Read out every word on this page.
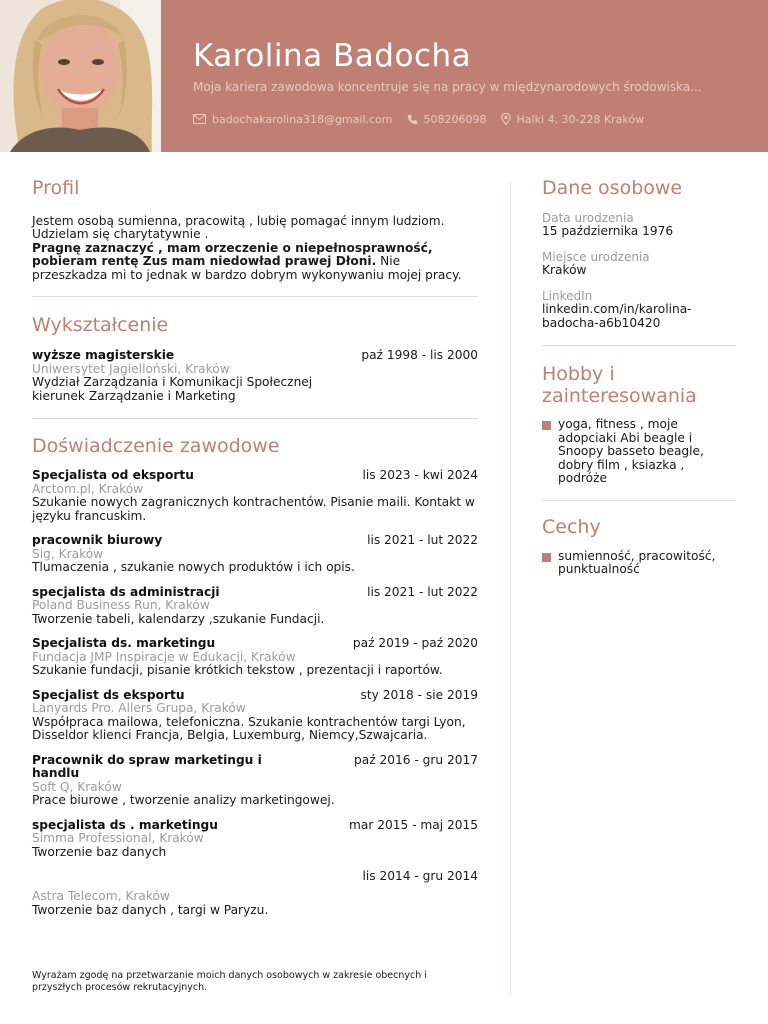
Karolina Badocha
Moja kariera zawodowa koncentruje się na pracy w międzynarodowych środowiska...
badochakarolina318@gmail.com	508206098	Halki 4, 30-228 Kraków
Profil
Jestem osobą sumienna, pracowitą , lubię pomagać innym ludziom. Udzielam się charytatywnie .
Pragnę zaznaczyć , mam orzeczenie o niepełnosprawność, pobieram rentę Zus mam niedowład prawej Dłoni. Nie przeszkadza mi to jednak w bardzo dobrym wykonywaniu mojej pracy.
Wykształcenie
wyższe magisterskie	paź 1998 - lis 2000
Uniwersytet Jagielloński, Kraków
Wydział Zarządzania i Komunikacji Społecznej
kierunek Zarządzanie i Marketing
Doświadczenie zawodowe
Specjalista od eksportu	lis 2023 - kwi 2024
Arctom.pl, Kraków
Szukanie nowych zagranicznych kontrachentów. Pisanie maili. Kontakt w języku francuskim.
pracownik biurowy	lis 2021 - lut 2022
Sig, Kraków
Tlumaczenia , szukanie nowych produktów i ich opis.
specjalista ds administracji	lis 2021 - lut 2022
Poland Business Run, Kraków
Tworzenie tabeli, kalendarzy ,szukanie Fundacji.
Specjalista ds. marketingu	paź 2019 - paź 2020
Fundacja JMP Inspiracje w Edukacji, Kraków
Szukanie fundacji, pisanie krótkich tekstow , prezentacji i raportów.
Specjalist ds eksportu	sty 2018 - sie 2019
Lanyards Pro. Allers Grupa, Kraków
Współpraca mailowa, telefoniczna. Szukanie kontrachentów targi Lyon, Disseldor klienci Francja, Belgia, Luxemburg, Niemcy,Szwajcaria.
Pracownik do spraw marketingu i handlu
paź 2016 - gru 2017
Soft Q, Kraków
Prace biurowe , tworzenie analizy marketingowej.
specjalista ds . marketingu	mar 2015 - maj 2015
Simma Professional, Kraków
Tworzenie baz danych
lis 2014 - gru 2014
Astra Telecom, Kraków
Tworzenie baz danych , targi w Paryzu.
Wyrażam zgodę na przetwarzanie moich danych osobowych w zakresie obecnych i przyszłych procesów rekrutacyjnych.
Dane osobowe
Data urodzenia
15 października 1976
Miejsce urodzenia
Kraków
LinkedIn
linkedin.com/in/karolina-
badocha-a6b10420
Hobby i
zainteresowania
yoga, fitness , moje adopciaki Abi beagle i Snoopy basseto beagle, dobry film , ksiazka , podróże
Cechy
sumienność, pracowitość, punktualność
